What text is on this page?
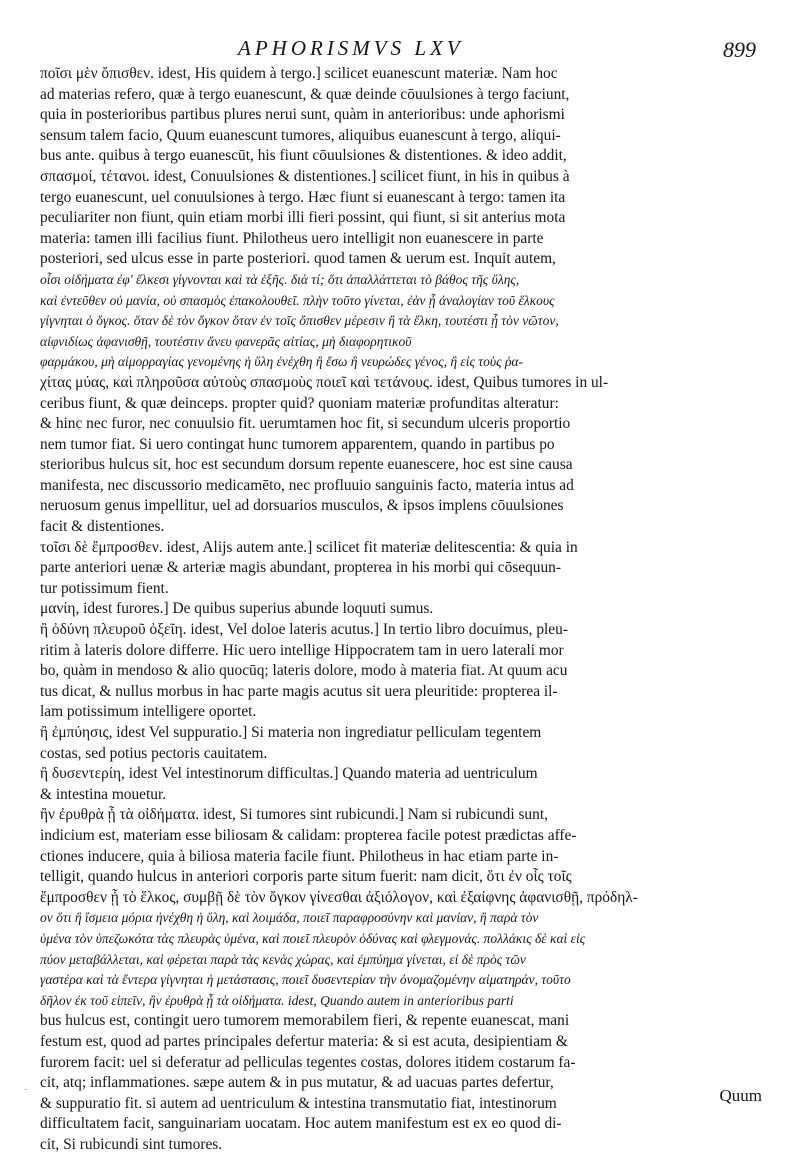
APHORISMVS LXV	899
ποῖσι μὲν ὄπισθεν. idest, His quidem à tergo.] scilicet euanescunt materiæ. Nam hoc
ad materias refero, quæ à tergo euanescunt, & quæ deinde cōuulsiones à tergo faciunt,
quia in posterioribus partibus plures nerui sunt, quàm in anterioribus: unde aphorismi
sensum talem facio, Quum euanescunt tumores, aliquibus euanescunt à tergo, aliqui-
bus ante. quibus à tergo euanescūt, his fiunt cōuulsiones & distentiones. & ideo addit,
σπασμοί, τέτανοι. idest, Conuulsiones & distentiones.] scilicet fiunt, in his in quibus à
tergo euanescunt, uel conuulsiones à tergo. Hæc fiunt si euanescant à tergo: tamen ita
peculiariter non fiunt, quin etiam morbi illi fieri possint, qui fiunt, si sit anterius mota
materia: tamen illi facilius fiunt. Philotheus uero intelligit non euanescere in parte
posteriori, sed ulcus esse in parte posteriori. quod tamen & uerum est. Inquit autem,
οἷσι οἰδήματα ἐφ' ἕλκεσι γίγνονται καὶ τὰ ἑξῆς. διὰ τί; ὅτι ἀπαλλάττεται τὸ βάθος τῆς ὕλης,
καὶ ἐντεῦθεν οὐ μανία, οὐ σπασμὸς ἐπακολουθεῖ. πλὴν τοῦτο γίνεται, ἐὰν ᾖ ἀναλογίαν τοῦ ἕλκους
γίγνηται ὁ ὄγκος. ὅταν δὲ τὸν ὄγκον ὅταν ἐν τοῖς ὄπισθεν μέρεσιν ἢ τὰ ἕλκη, τουτέστι ᾖ τὸν νῶτον,
αἰφνιδίως ἀφανισθῇ, τουτέστιν ἄνευ φανερᾶς αἰτίας, μὴ διαφορητικοῦ
φαρμάκου, μὴ αἱμορραγίας γενομένης ἡ ὕλη ἐνέχθη ἢ ἔσω ἢ νευρώδες γένος, ἢ εἰς τοὺς ῥα-
χίτας μύας, καὶ πληροῦσα αὐτοὺς σπασμοὺς ποιεῖ καὶ τετάνους. idest, Quibus tumores in ul-
ceribus fiunt, & quæ deinceps. propter quid? quoniam materiæ profunditas alteratur:
& hinc nec furor, nec conuulsio fit. uerumtamen hoc fit, si secundum ulceris proportio
nem tumor fiat. Si uero contingat hunc tumorem apparentem, quando in partibus po
sterioribus hulcus sit, hoc est secundum dorsum repente euanescere, hoc est sine causa
manifesta, nec discussorio medicamēto, nec profluuio sanguinis facto, materia intus ad
neruosum genus impellitur, uel ad dorsuarios musculos, & ipsos implens cōuulsiones
facit & distentiones.
τοῖσι δὲ ἔμπροσθεν. idest, Alijs autem ante.] scilicet fit materiæ delitescentia: & quia in
parte anteriori uenæ & arteriæ magis abundant, propterea in his morbi qui cōsequun-
tur potissimum fient.
μανίη, idest furores.] De quibus superius abunde loquuti sumus.
ἢ ὀδύνη πλευροῦ ὀξεῖη. idest, Vel doloe lateris acutus.] In tertio libro docuimus, pleu-
ritim à lateris dolore differre. Hic uero intellige Hippocratem tam in uero laterali mor
bo, quàm in mendoso & alio quocūq; lateris dolore, modo à materia fiat. At quum acu
tus dicat, & nullus morbus in hac parte magis acutus sit uera pleuritide: propterea il-
lam potissimum intelligere oportet.
ἢ ἐμπύησις, idest Vel suppuratio.] Si materia non ingrediatur pelliculam tegentem
costas, sed potius pectoris cauitatem.
ἢ δυσεντερίη, idest Vel intestinorum difficultas.] Quando materia ad uentriculum
& intestina mouetur.
ἢν ἐρυθρὰ ᾖ τὰ οἰδήματα. idest, Si tumores sint rubicundi.] Nam si rubicundi sunt,
indicium est, materiam esse biliosam & calidam: propterea facile potest prædictas affe-
ctiones inducere, quia à biliosa materia facile fiunt. Philotheus in hac etiam parte in-
telligit, quando hulcus in anteriori corporis parte situm fuerit: nam dicit, ὅτι ἐν οἷς τοῖς
ἔμπροσθεν ᾖ τὸ ἕλκος, συμβῇ δὲ τὸν ὄγκον γίνεσθαι ἀξιόλογον, καὶ ἐξαίφνης ἀφανισθῇ, πρόδηλ-
ον ὅτι ἢ ἴσμεια μόρια ἠνέχθη ἡ ὕλη, καὶ λοιμάδα, ποιεῖ παραφροσύνην καὶ μανίαν, ἢ παρὰ τὸν
ὑμένα τὸν ὑπεζωκότα τὰς πλευρὰς ὑμένα, καὶ ποιεῖ πλευρὸν ὀδύνας καὶ φλεγμονάς. πολλάκις δὲ καὶ εἰς
πύον μεταβάλλεται, καὶ φέρεται παρὰ τὰς κενὰς χώρας, καὶ ἐμπύημα γίνεται, εἰ δὲ πρὸς τῶν
γαστέρα καὶ τὰ ἔντερα γίγνηται ἡ μετάστασις, ποιεῖ δυσεντερίαν τὴν ὀνομαζομένην αἱματηράν, τοῦτο
δῆλον ἐκ τοῦ εἰπεῖν, ἢν ἐρυθρὰ ᾖ τὰ οἰδήματα. idest, Quando autem in anterioribus parti
bus hulcus est, contingit uero tumorem memorabilem fieri, & repente euanescat, mani
festum est, quod ad partes principales defertur materia: & si est acuta, desipientiam &
furorem facit: uel si deferatur ad pelliculas tegentes costas, dolores itidem costarum fa-
cit, atq; inflammationes. sæpe autem & in pus mutatur, & ad uacuas partes defertur,
& suppuratio fit. si autem ad uentriculum & intestina transmutatio fiat, intestinorum
difficultatem facit, sanguinariam uocatam. Hoc autem manifestum est ex eo quod di-
cit, Si rubicundi sint tumores.
·	Quum
